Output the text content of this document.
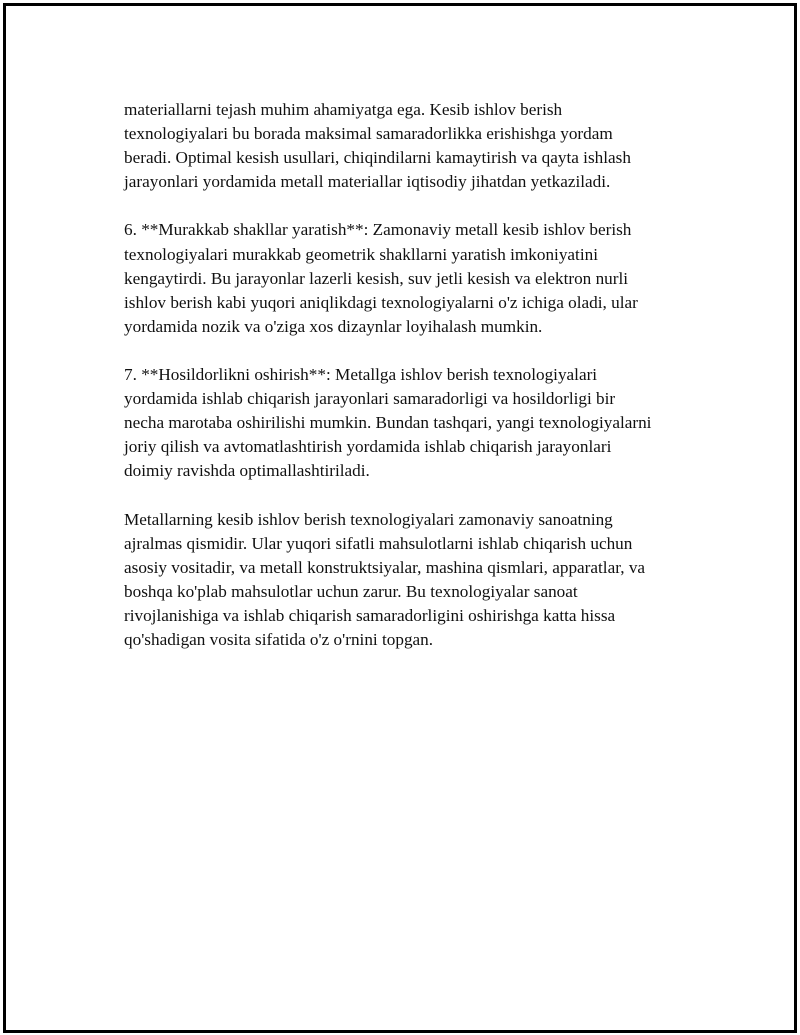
materiallarni tejash muhim ahamiyatga ega. Kesib ishlov berish
texnologiyalari bu borada maksimal samaradorlikka erishishga yordam
beradi. Optimal kesish usullari, chiqindilarni kamaytirish va qayta ishlash
jarayonlari yordamida metall materiallar iqtisodiy jihatdan yetkaziladi.

6. **Murakkab shakllar yaratish**: Zamonaviy metall kesib ishlov berish
texnologiyalari murakkab geometrik shakllarni yaratish imkoniyatini
kengaytirdi. Bu jarayonlar lazerli kesish, suv jetli kesish va elektron nurli
ishlov berish kabi yuqori aniqlikdagi texnologiyalarni o'z ichiga oladi, ular
yordamida nozik va o'ziga xos dizaynlar loyihalash mumkin.

7. **Hosildorlikni oshirish**: Metallga ishlov berish texnologiyalari
yordamida ishlab chiqarish jarayonlari samaradorligi va hosildorligi bir
necha marotaba oshirilishi mumkin. Bundan tashqari, yangi texnologiyalarni
joriy qilish va avtomatlashtirish yordamida ishlab chiqarish jarayonlari
doimiy ravishda optimallashtiriladi.

Metallarning kesib ishlov berish texnologiyalari zamonaviy sanoatning
ajralmas qismidir. Ular yuqori sifatli mahsulotlarni ishlab chiqarish uchun
asosiy vositadir, va metall konstruktsiyalar, mashina qismlari, apparatlar, va
boshqa ko'plab mahsulotlar uchun zarur. Bu texnologiyalar sanoat
rivojlanishiga va ishlab chiqarish samaradorligini oshirishga katta hissa
qo'shadigan vosita sifatida o'z o'rnini topgan.
